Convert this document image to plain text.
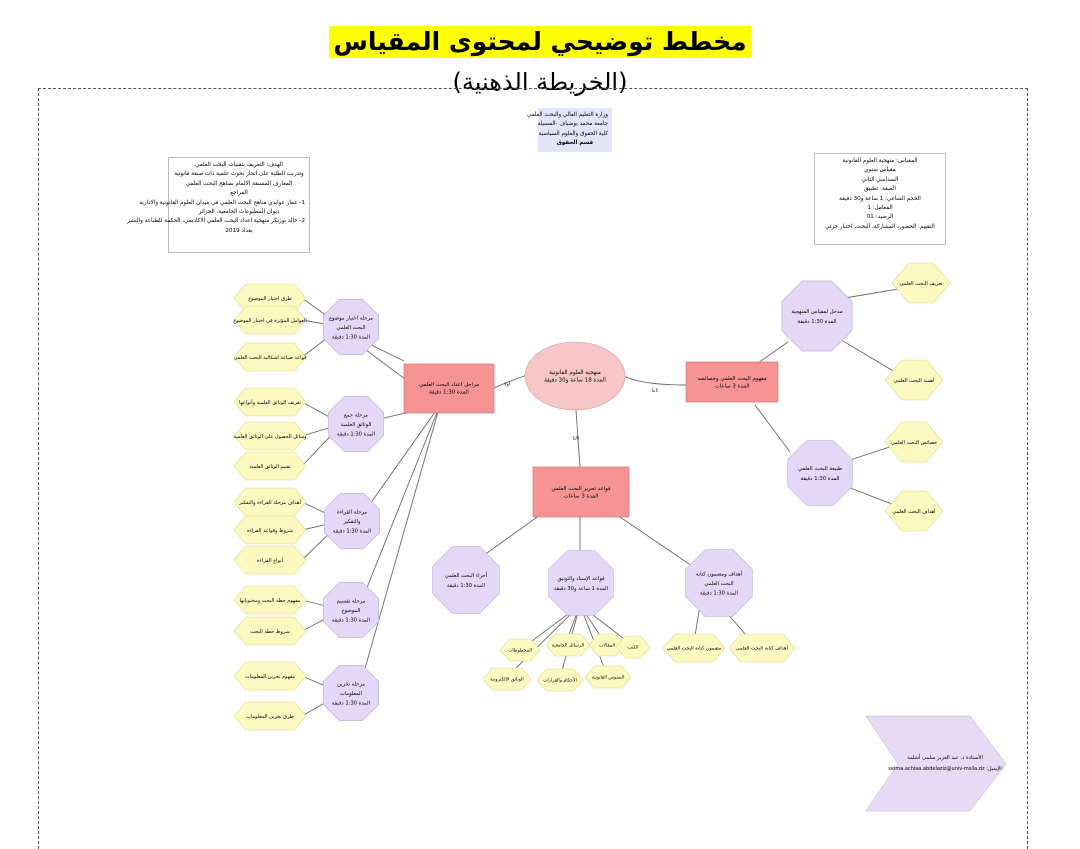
مخطط توضيحي لمحتوى المقياس
(الخريطة الذهنية)
وزارة التعليم العالي والبحث العلمي
جامعة محمد بوضياف -المسيلة
كلية الحقوق والعلوم السياسية
قسم الحقوق
الهدف: التعريف بتقنيات البحث العلمي
وتدريب الطلبة على انجاز بحوث علمية ذات صبغة قانونية
المعارف المسبقة الالمام بمناهج البحث العلمي
المراجع
1- عمار عوابدي مناهج البحث العلمي في ميدان العلوم القانونية والادارية
ديوان المطبوعات الجامعية، الجزائر
2- خالد بوزيكر منهجية اعداد البحث العلمي الاكاديمي، الحكمة للطباعة والنشر
بغداد 2019
المقياس: منهجية العلوم القانونية
مقياس سنوي
السداسي الثاني
الصفة: تطبيق
الحجم الساعي: 1 ساعة و30 دقيقة
المعامل: 1
الرصيد: 01
التقييم: الحضور، المشاركة، البحث، اختبار جزئي
منهجية العلوم القانونية
المدة 18 ساعة و30 دقيقة
أولا
ثانيا
ثالثا
مراحل اعداد البحث العلمي
المدة 1:30 دقيقة
مفهوم البحث العلمي وخصائصه
المدة 3 ساعات
قواعد تحرير البحث العلمي
المدة 3 ساعات
مرحلة اختيار موضوع
البحث العلمي
المدة 1:30 دقيقة
طرق اختيار الموضوع
العوامل المؤثرة في اختيار الموضوع
قواعد صياغة اشكالية البحث العلمي
مرحلة جمع
الوثائق العلمية
المدة 1:30 دقيقة
تعريف الوثائق العلمية وأنواعها
وسائل الحصول على الوثائق العلمية
تقييم الوثائق العلمية
مرحلة القراءة
والتفكير
المدة 1:30 دقيقة
أهداف مرحلة القراءة والتفكير
شروط وقواعد القراءة
أنواع القراءة
مرحلة تقسيم
الموضوع
المدة 1:30 دقيقة
مفهوم خطة البحث ومحتوياتها
شروط خطة البحث
مرحلة تخزين
المعلومات
المدة 1:30 دقيقة
مفهوم تخزين المعلومات
طرق تخزين المعلومات
مدخل لمقياس المنهجية
المدة 1:30 دقيقة
طبيعة البحث العلمي
المدة 1:30 دقيقة
تعريف البحث العلمي
أهمية البحث العلمي
خصائص البحث العلمي
أهداف البحث العلمي
أجزاء البحث العلمي
المدة 1:30 دقيقة
قواعد الإسناد والتوثيق
المدة 1 ساعة و30 دقيقة
أهداف ومضمون كتابة
البحث العلمي
المدة 1:30 دقيقة
المخطوطات
الرسائل الجامعية	المقالات	الكتب
الوثائق الالكترونية	الأحكام والقرارات
النصوص القانونية
مضمون كتابة البحث العلمي	أهداف كتابة البحث العلمي
الأستاذة د. عبد العزيز سلمى أشلمة
الإيميل: selma.achlaa.abdelaziz@univ-msila.dz
